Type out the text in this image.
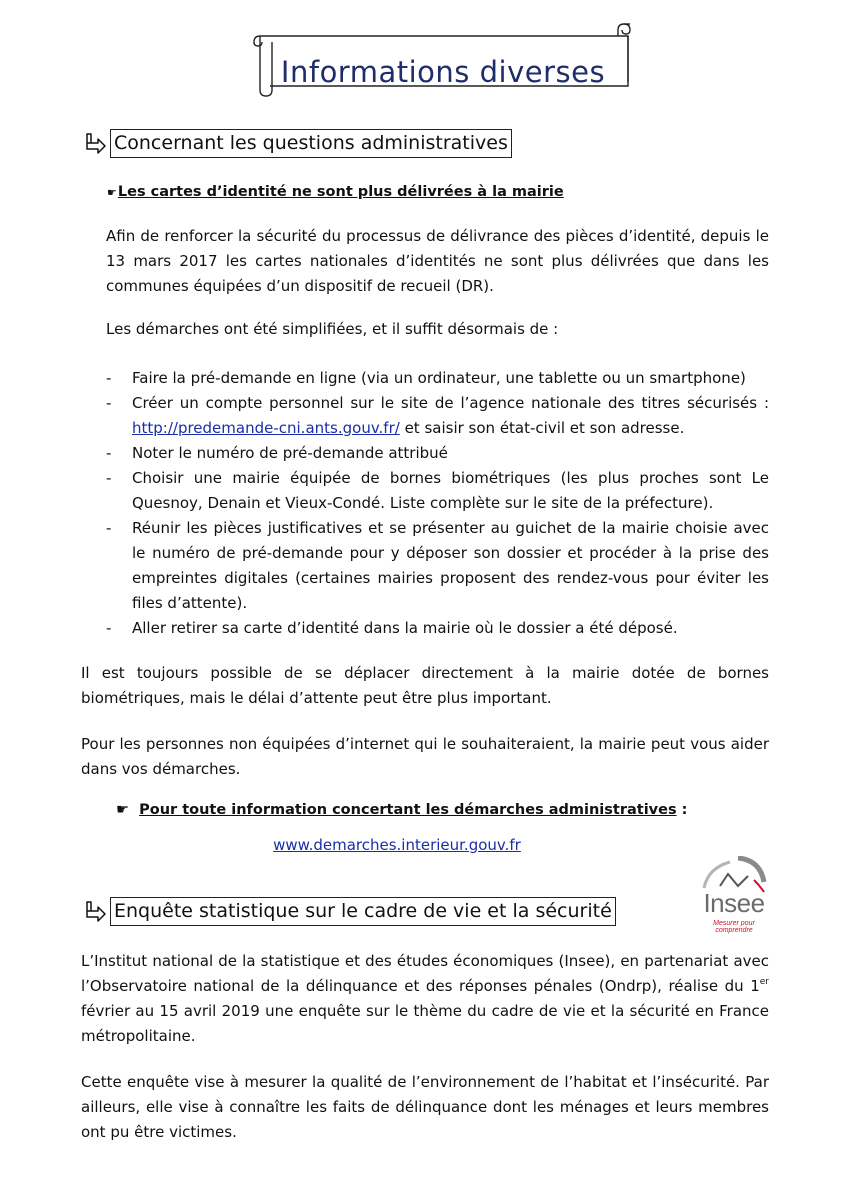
Informations diverses
Concernant les questions administratives
☛Les cartes d’identité ne sont plus délivrées à la mairie
Afin de renforcer la sécurité du processus de délivrance des pièces d’identité, depuis le 13 mars 2017 les cartes nationales d’identités ne sont plus délivrées que dans les communes équipées d’un dispositif de recueil (DR).
Les démarches ont été simplifiées, et il suffit désormais de :
- Faire la pré-demande en ligne (via un ordinateur, une tablette ou un smartphone)
- Créer un compte personnel sur le site de l’agence nationale des titres sécurisés : http://predemande-cni.ants.gouv.fr/ et saisir son état-civil et son adresse.
- Noter le numéro de pré-demande attribué
- Choisir une mairie équipée de bornes biométriques (les plus proches sont Le Quesnoy, Denain et Vieux-Condé. Liste complète sur le site de la préfecture).
- Réunir les pièces justificatives et se présenter au guichet de la mairie choisie avec le numéro de pré-demande pour y déposer son dossier et procéder à la prise des empreintes digitales (certaines mairies proposent des rendez-vous pour éviter les files d’attente).
- Aller retirer sa carte d’identité dans la mairie où le dossier a été déposé.
Il est toujours possible de se déplacer directement à la mairie dotée de bornes biométriques, mais le délai d’attente peut être plus important.
Pour les personnes non équipées d’internet qui le souhaiteraient, la mairie peut vous aider dans vos démarches.
☛ Pour toute information concertant les démarches administratives :
www.demarches.interieur.gouv.fr
Enquête statistique sur le cadre de vie et la sécurité	Insee
Mesurer pour comprendre
L’Institut national de la statistique et des études économiques (Insee), en partenariat avec l’Observatoire national de la délinquance et des réponses pénales (Ondrp), réalise du 1er février au 15 avril 2019 une enquête sur le thème du cadre de vie et la sécurité en France métropolitaine.
Cette enquête vise à mesurer la qualité de l’environnement de l’habitat et l’insécurité. Par ailleurs, elle vise à connaître les faits de délinquance dont les ménages et leurs membres ont pu être victimes.
